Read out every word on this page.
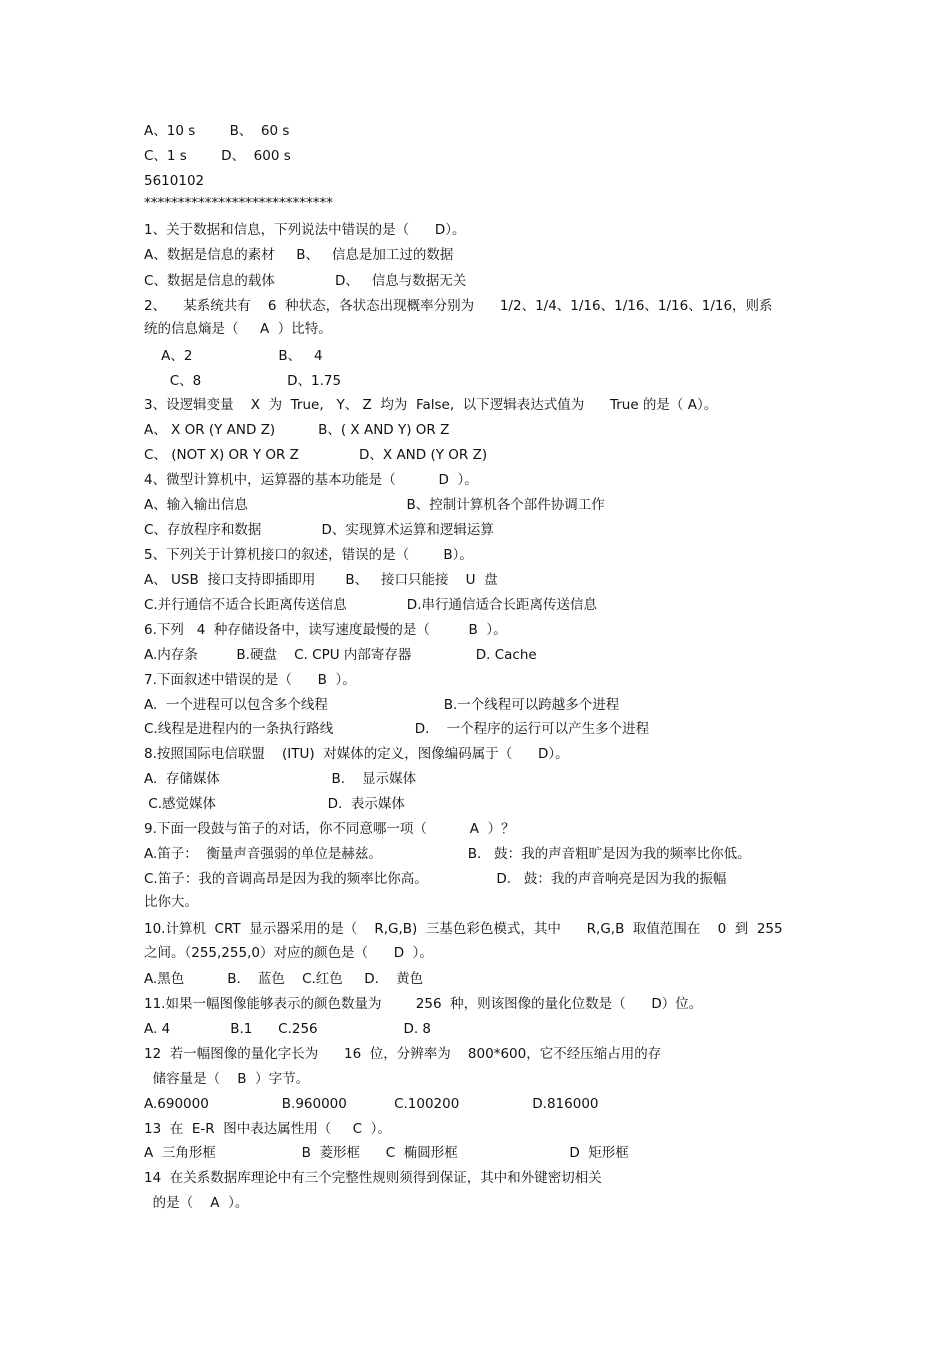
A、10 s        B、  60 s
C、1 s        D、  600 s
5610102
****************************
1、关于数据和信息，下列说法中错误的是（      D）。
A、数据是信息的素材     B、   信息是加工过的数据
C、数据是信息的载体              D、   信息与数据无关
2、    某系统共有    6  种状态，各状态出现概率分别为      1/2、1/4、1/16、1/16、1/16、1/16，则系
统的信息熵是（     A  ）比特。
A、2                    B、   4
C、8                    D、1.75
3、设逻辑变量    X  为  True,   Y、 Z  均为  False,  以下逻辑表达式值为      True 的是（ A）。
A、 X OR (Y AND Z)          B、( X AND Y) OR Z
C、 (NOT X) OR Y OR Z              D、X AND (Y OR Z)
4、微型计算机中，运算器的基本功能是（          D  ）。
A、输入输出信息                                     B、控制计算机各个部件协调工作
C、存放程序和数据              D、实现算术运算和逻辑运算
5、下列关于计算机接口的叙述，错误的是（        B）。
A、 USB  接口支持即插即用       B、   接口只能接    U  盘
C.并行通信不适合长距离传送信息              D.串行通信适合长距离传送信息
6.下列   4  种存储设备中，读写速度最慢的是（         B  ）。
A.内存条         B.硬盘    C. CPU 内部寄存器               D. Cache
7.下面叙述中错误的是（      B  ）。
A.  一个进程可以包含多个线程                           B.一个线程可以跨越多个进程
C.线程是进程内的一条执行路线                   D.    一个程序的运行可以产生多个进程
8.按照国际电信联盟    (ITU)  对媒体的定义，图像编码属于（      D）。
A.  存储媒体                          B.    显示媒体
C.感觉媒体                          D.  表示媒体
9.下面一段鼓与笛子的对话，你不同意哪一项（          A  ）？
A.笛子：  衡量声音强弱的单位是赫兹。                    B.   鼓：我的声音粗旷是因为我的频率比你低。
C.笛子：我的音调高昂是因为我的频率比你高。                D.   鼓：我的声音响亮是因为我的振幅
比你大。
10.计算机  CRT  显示器采用的是（    R,G,B)  三基色彩色模式，其中      R,G,B  取值范围在    0  到  255
之间。（255,255,0）对应的颜色是（      D  ）。
A.黑色          B.    蓝色    C.红色     D.    黄色
11.如果一幅图像能够表示的颜色数量为        256  种，则该图像的量化位数是（      D）位。
A. 4              B.1      C.256                    D. 8
12  若一幅图像的量化字长为      16  位，分辨率为    800*600，它不经压缩占用的存
储容量是（    B  ）字节。
A.690000                 B.960000           C.100200                 D.816000
13  在  E-R  图中表达属性用（     C  ）。
A  三角形框                    B  菱形框      C  椭圆形框                          D  矩形框
14  在关系数据库理论中有三个完整性规则须得到保证，其中和外键密切相关
的是（    A  ）。
